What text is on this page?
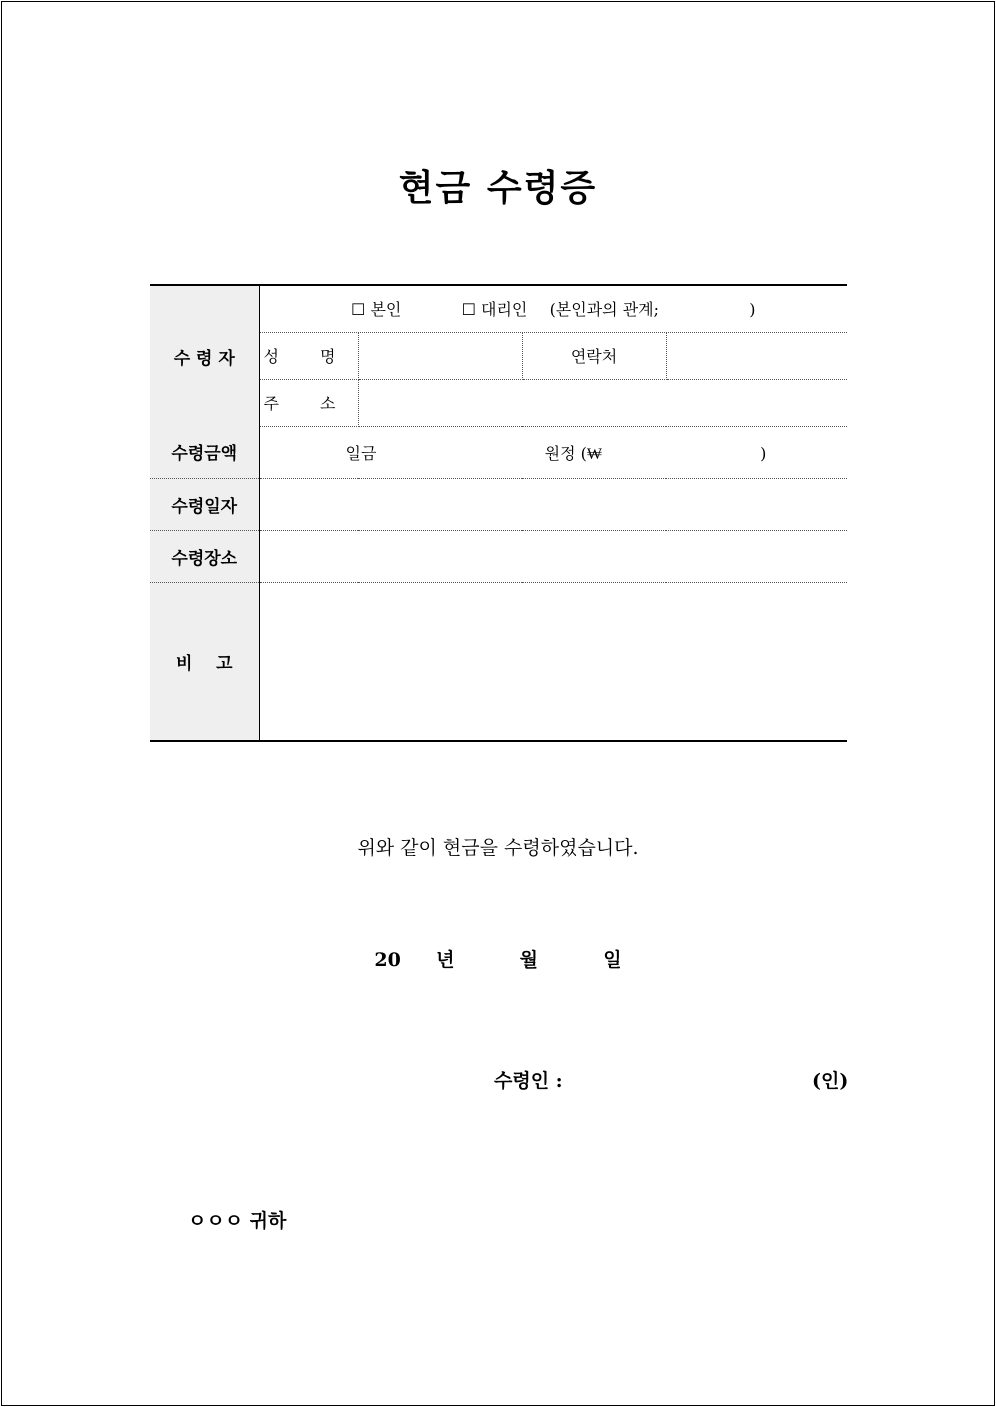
현금 수령증
수 령 자	☐ 본인 ☐ 대리인 (본인과의 관계; )			
	성 명		연락처	
	주 소			
수령금액	일금 원정 (₩ )			
수령일자				
수령장소				
비    고				
위와 같이 현금을 수령하였습니다.
20 년	월	일
수령인 :	(인)
ㅇㅇㅇ 귀하
